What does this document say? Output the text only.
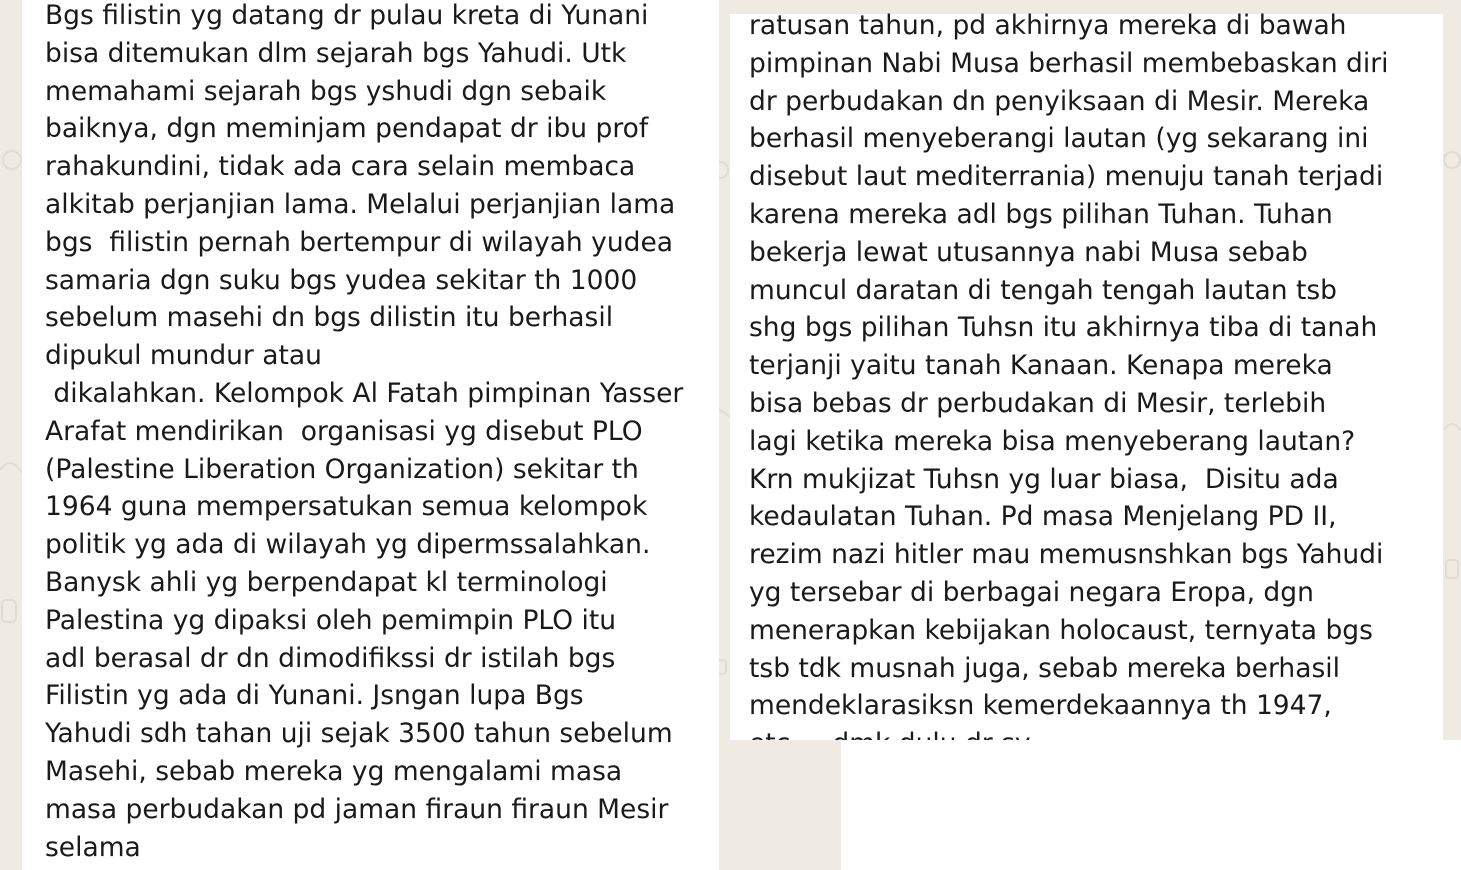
Bgs filistin yg datang dr pulau kreta di Yunani
bisa ditemukan dlm sejarah bgs Yahudi. Utk
memahami sejarah bgs yshudi dgn sebaik
baiknya, dgn meminjam pendapat dr ibu prof
rahakundini, tidak ada cara selain membaca
alkitab perjanjian lama. Melalui perjanjian lama
bgs  filistin pernah bertempur di wilayah yudea
samaria dgn suku bgs yudea sekitar th 1000
sebelum masehi dn bgs dilistin itu berhasil
dipukul mundur atau
dikalahkan. Kelompok Al Fatah pimpinan Yasser
Arafat mendirikan  organisasi yg disebut PLO
(Palestine Liberation Organization) sekitar th
1964 guna mempersatukan semua kelompok
politik yg ada di wilayah yg dipermssalahkan.
Banysk ahli yg berpendapat kl terminologi
Palestina yg dipaksi oleh pemimpin PLO itu
adl berasal dr dn dimodifikssi dr istilah bgs
Filistin yg ada di Yunani. Jsngan lupa Bgs
Yahudi sdh tahan uji sejak 3500 tahun sebelum
Masehi, sebab mereka yg mengalami masa
masa perbudakan pd jaman firaun firaun Mesir
selama
ratusan tahun, pd akhirnya mereka di bawah
pimpinan Nabi Musa berhasil membebaskan diri
dr perbudakan dn penyiksaan di Mesir. Mereka
berhasil menyeberangi lautan (yg sekarang ini
disebut laut mediterrania) menuju tanah terjadi
karena mereka adl bgs pilihan Tuhan. Tuhan
bekerja lewat utusannya nabi Musa sebab
muncul daratan di tengah tengah lautan tsb
shg bgs pilihan Tuhsn itu akhirnya tiba di tanah
terjanji yaitu tanah Kanaan. Kenapa mereka
bisa bebas dr perbudakan di Mesir, terlebih
lagi ketika mereka bisa menyeberang lautan?
Krn mukjizat Tuhsn yg luar biasa,  Disitu ada
kedaulatan Tuhan. Pd masa Menjelang PD II,
rezim nazi hitler mau memusnshkan bgs Yahudi
yg tersebar di berbagai negara Eropa, dgn
menerapkan kebijakan holocaust, ternyata bgs
tsb tdk musnah juga, sebab mereka berhasil
mendeklarasiksn kemerdekaannya th 1947,
